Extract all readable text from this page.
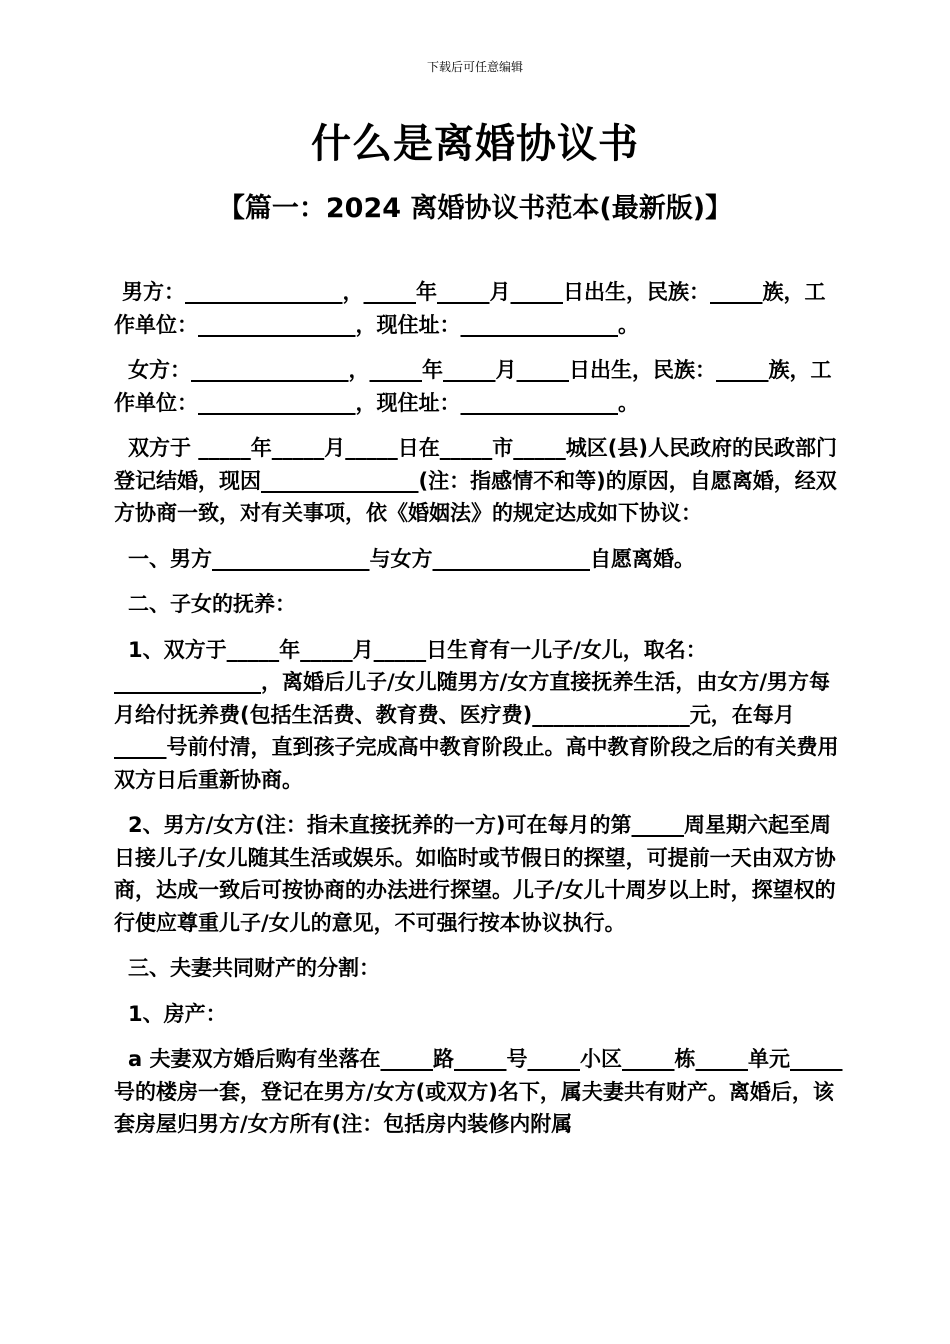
下载后可任意编辑
什么是离婚协议书
【篇一：2024 离婚协议书范本(最新版)】

男方：_______________，_____年_____月_____日出生，民族：_____族，工作单位：_______________，现住址：_______________。

女方：_______________，_____年_____月_____日出生，民族：_____族，工作单位：_______________，现住址：_______________。

双方于 _____年_____月_____日在_____市_____城区(县)人民政府的民政部门登记结婚，现因_______________(注：指感情不和等)的原因，自愿离婚，经双方协商一致，对有关事项，依《婚姻法》的规定达成如下协议：

一、男方_______________与女方_______________自愿离婚。

二、子女的抚养：

1、双方于_____年_____月_____日生育有一儿子/女儿，取名：______________，离婚后儿子/女儿随男方/女方直接抚养生活，由女方/男方每月给付抚养费(包括生活费、教育费、医疗费)_______________元，在每月_____号前付清，直到孩子完成高中教育阶段止。高中教育阶段之后的有关费用双方日后重新协商。

2、男方/女方(注：指未直接抚养的一方)可在每月的第_____周星期六起至周日接儿子/女儿随其生活或娱乐。如临时或节假日的探望，可提前一天由双方协商，达成一致后可按协商的办法进行探望。儿子/女儿十周岁以上时，探望权的行使应尊重儿子/女儿的意见，不可强行按本协议执行。

三、夫妻共同财产的分割：

1、房产：

a 夫妻双方婚后购有坐落在_____路_____号_____小区_____栋_____单元_____号的楼房一套，登记在男方/女方(或双方)名下，属夫妻共有财产。离婚后，该套房屋归男方/女方所有(注：包括房内装修内附属
